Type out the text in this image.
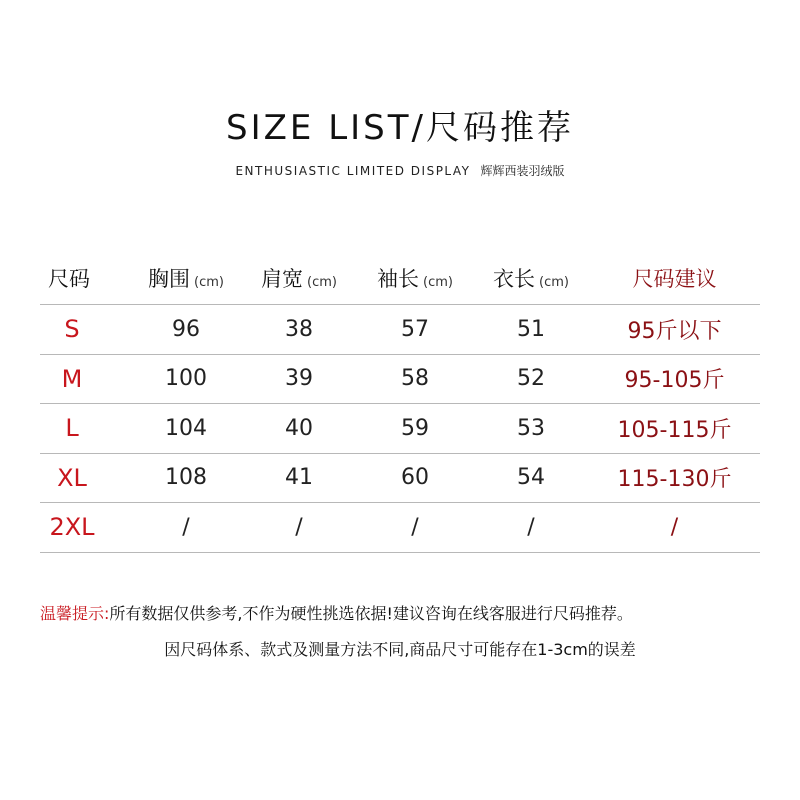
SIZE LIST/尺码推荐
ENTHUSIASTIC LIMITED DISPLAY 辉辉西装羽绒版
尺码	胸围 (cm)	肩宽 (cm)	袖长 (cm)	衣长 (cm)	尺码建议
S	96	38	57	51	95斤以下
M	100	39	58	52	95-105斤
L	104	40	59	53	105-115斤
XL	108	41	60	54	115-130斤
2XL	/	/	/	/	/
温馨提示:所有数据仅供参考,不作为硬性挑选依据!建议咨询在线客服进行尺码推荐。
因尺码体系、款式及测量方法不同,商品尺寸可能存在1-3cm的误差
